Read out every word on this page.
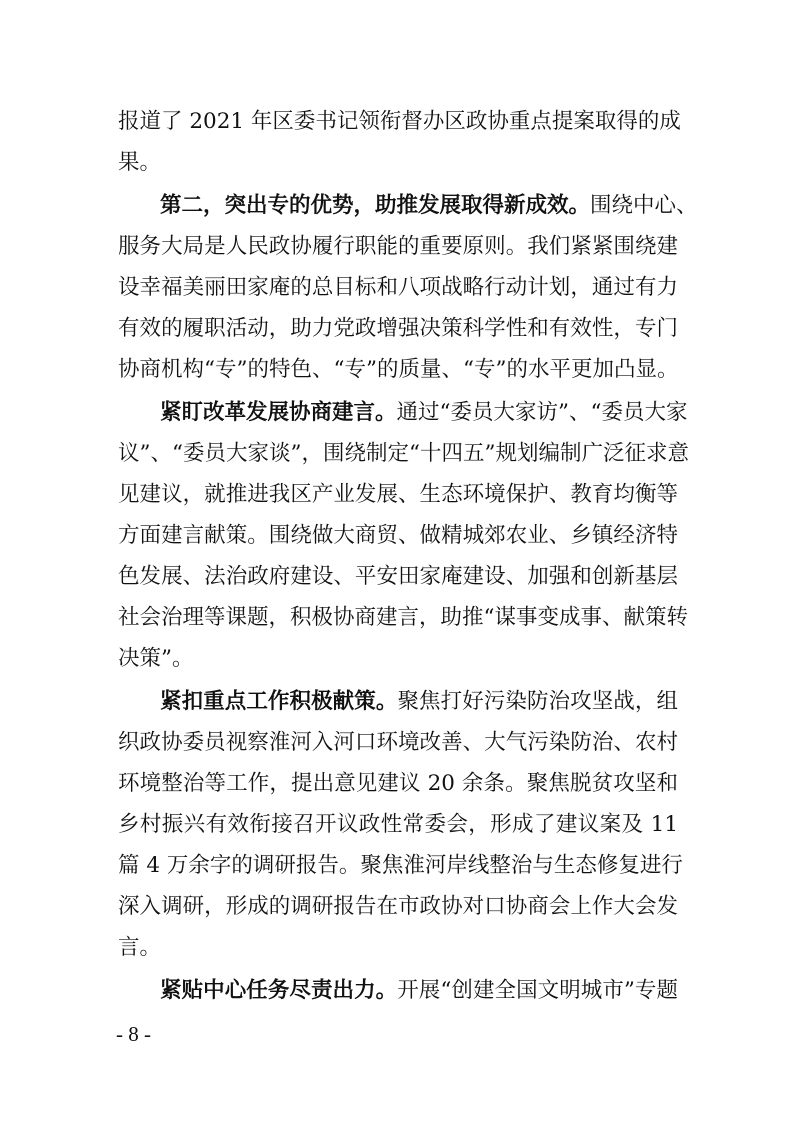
报道了 2021 年区委书记领衔督办区政协重点提案取得的成
果。
第二，突出专的优势，助推发展取得新成效。围绕中心、
服务大局是人民政协履行职能的重要原则。我们紧紧围绕建
设幸福美丽田家庵的总目标和八项战略行动计划，通过有力
有效的履职活动，助力党政增强决策科学性和有效性，专门
协商机构“专”的特色、“专”的质量、“专”的水平更加凸显。
紧盯改革发展协商建言。通过“委员大家访”、“委员大家
议”、“委员大家谈”，围绕制定“十四五”规划编制广泛征求意
见建议，就推进我区产业发展、生态环境保护、教育均衡等
方面建言献策。围绕做大商贸、做精城郊农业、乡镇经济特
色发展、法治政府建设、平安田家庵建设、加强和创新基层
社会治理等课题，积极协商建言，助推“谋事变成事、献策转
决策”。
紧扣重点工作积极献策。聚焦打好污染防治攻坚战，组
织政协委员视察淮河入河口环境改善、大气污染防治、农村
环境整治等工作，提出意见建议 20 余条。聚焦脱贫攻坚和
乡村振兴有效衔接召开议政性常委会，形成了建议案及 11
篇 4 万余字的调研报告。聚焦淮河岸线整治与生态修复进行
深入调研，形成的调研报告在市政协对口协商会上作大会发
言。
紧贴中心任务尽责出力。开展“创建全国文明城市”专题
- 8 -
